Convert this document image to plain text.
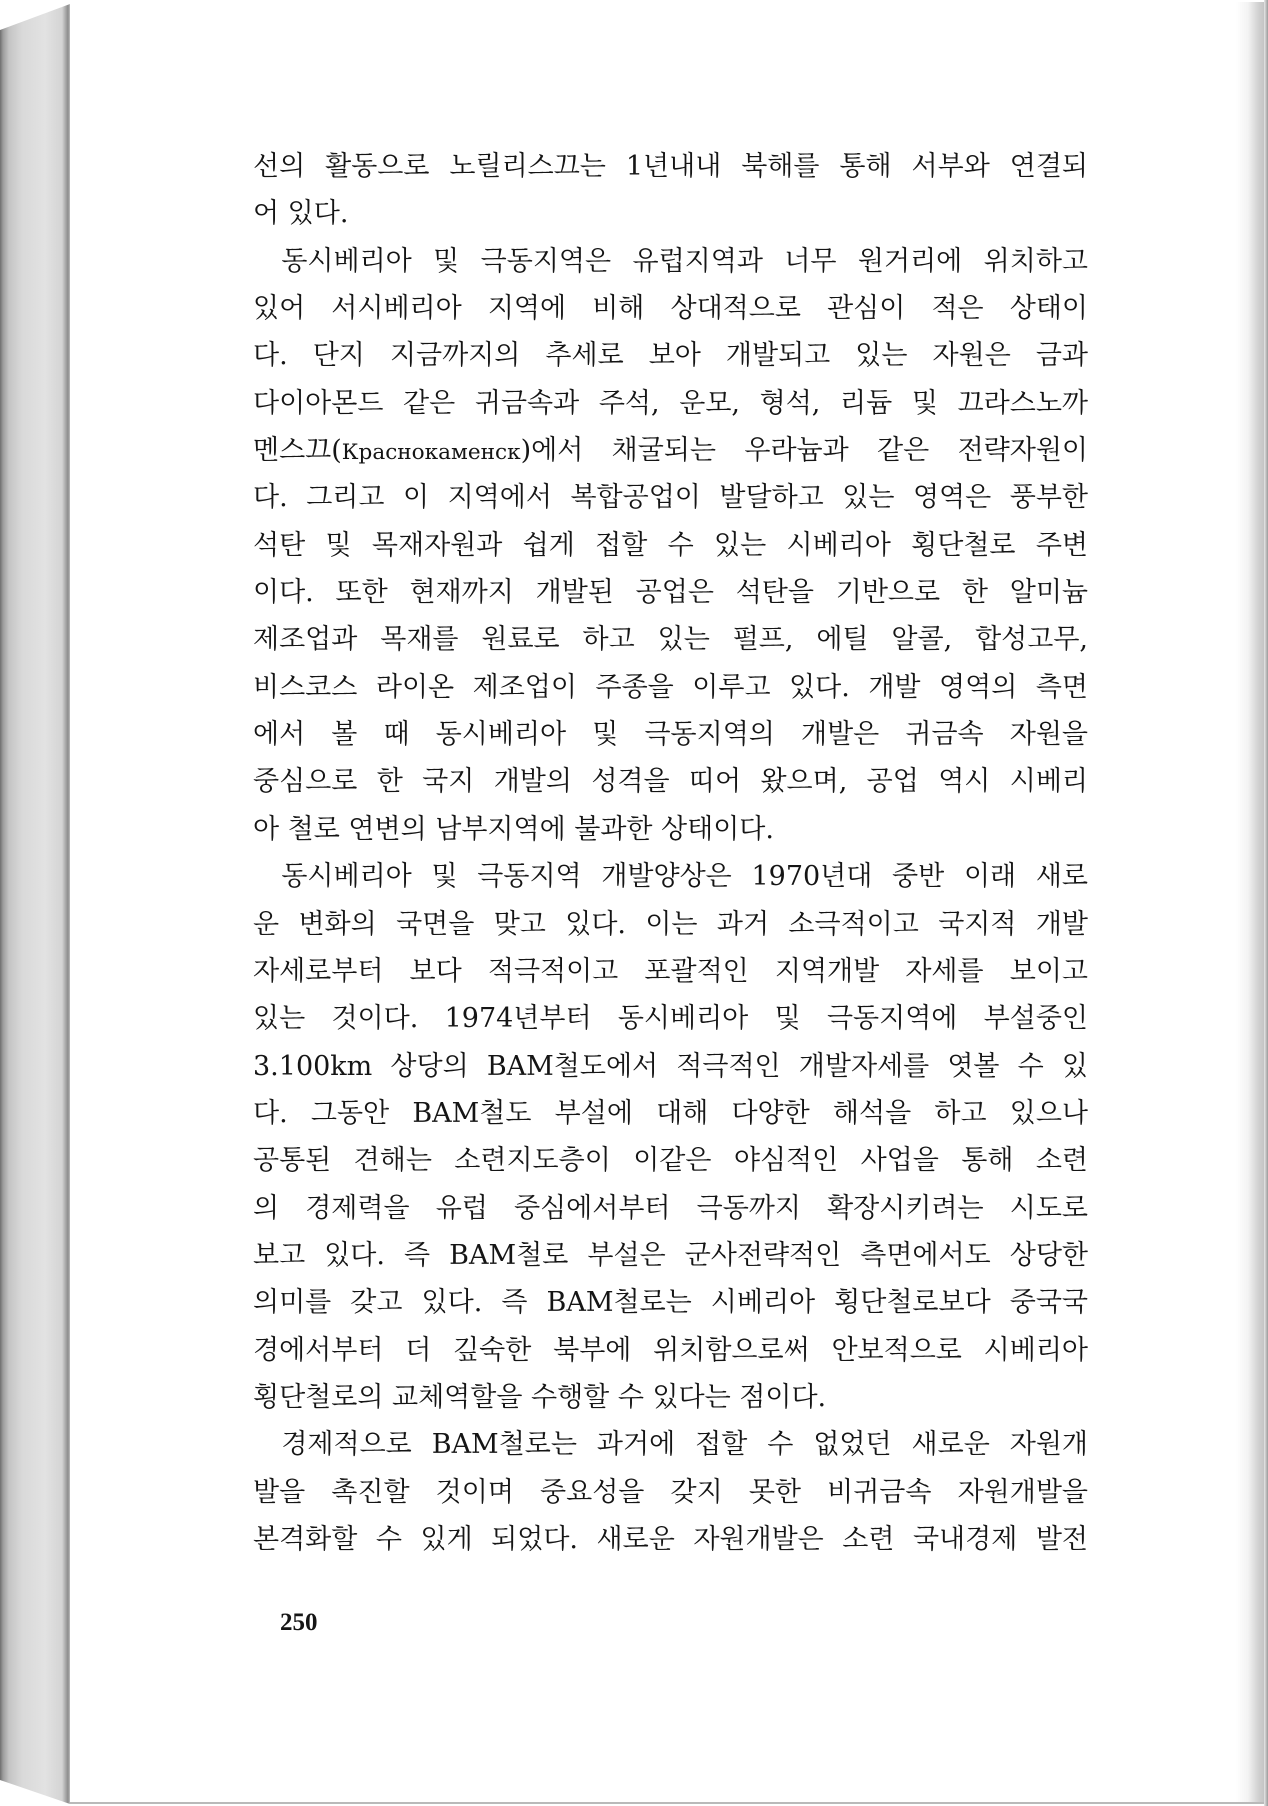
선의 활동으로 노릴리스끄는 1년내내 북해를 통해 서부와 연결되
어 있다.
동시베리아 및 극동지역은 유럽지역과 너무 원거리에 위치하고
있어 서시베리아 지역에 비해 상대적으로 관심이 적은 상태이
다. 단지 지금까지의 추세로 보아 개발되고 있는 자원은 금과
다이아몬드 같은 귀금속과 주석, 운모, 형석, 리듐 및 끄라스노까
멘스끄(Краснокаменск)에서 채굴되는 우라늄과 같은 전략자원이
다. 그리고 이 지역에서 복합공업이 발달하고 있는 영역은 풍부한
석탄 및 목재자원과 쉽게 접할 수 있는 시베리아 횡단철로 주변
이다. 또한 현재까지 개발된 공업은 석탄을 기반으로 한 알미늄
제조업과 목재를 원료로 하고 있는 펄프, 에틸 알콜, 합성고무,
비스코스 라이온 제조업이 주종을 이루고 있다. 개발 영역의 측면
에서 볼 때 동시베리아 및 극동지역의 개발은 귀금속 자원을
중심으로 한 국지 개발의 성격을 띠어 왔으며, 공업 역시 시베리
아 철로 연변의 남부지역에 불과한 상태이다.
동시베리아 및 극동지역 개발양상은 1970년대 중반 이래 새로
운 변화의 국면을 맞고 있다. 이는 과거 소극적이고 국지적 개발
자세로부터 보다 적극적이고 포괄적인 지역개발 자세를 보이고
있는 것이다. 1974년부터 동시베리아 및 극동지역에 부설중인
3.100km 상당의 BAM철도에서 적극적인 개발자세를 엿볼 수 있
다. 그동안 BAM철도 부설에 대해 다양한 해석을 하고 있으나
공통된 견해는 소련지도층이 이같은 야심적인 사업을 통해 소련
의 경제력을 유럽 중심에서부터 극동까지 확장시키려는 시도로
보고 있다. 즉 BAM철로 부설은 군사전략적인 측면에서도 상당한
의미를 갖고 있다. 즉 BAM철로는 시베리아 횡단철로보다 중국국
경에서부터 더 깊숙한 북부에 위치함으로써 안보적으로 시베리아
횡단철로의 교체역할을 수행할 수 있다는 점이다.
경제적으로 BAM철로는 과거에 접할 수 없었던 새로운 자원개
발을 촉진할 것이며 중요성을 갖지 못한 비귀금속 자원개발을
본격화할 수 있게 되었다. 새로운 자원개발은 소련 국내경제 발전
250
